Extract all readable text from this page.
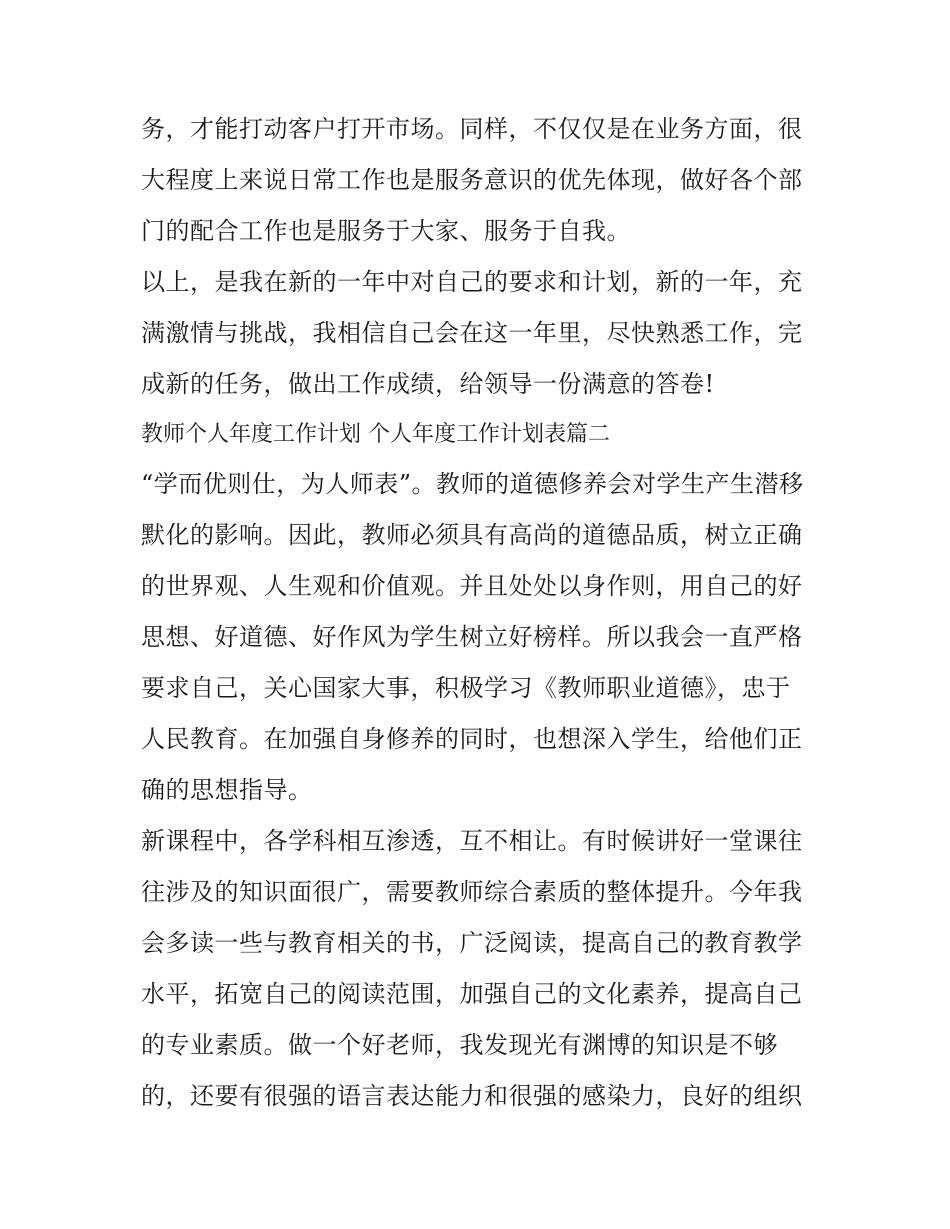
务，才能打动客户打开市场。同样，不仅仅是在业务方面，很

大程度上来说日常工作也是服务意识的优先体现，做好各个部

门的配合工作也是服务于大家、服务于自我。

以上，是我在新的一年中对自己的要求和计划，新的一年，充

满激情与挑战，我相信自己会在这一年里，尽快熟悉工作，完

成新的任务，做出工作成绩，给领导一份满意的答卷!

教师个人年度工作计划 个人年度工作计划表篇二

“学而优则仕，为人师表”。教师的道德修养会对学生产生潜移

默化的影响。因此，教师必须具有高尚的道德品质，树立正确

的世界观、人生观和价值观。并且处处以身作则，用自己的好

思想、好道德、好作风为学生树立好榜样。所以我会一直严格

要求自己，关心国家大事，积极学习《教师职业道德》，忠于

人民教育。在加强自身修养的同时，也想深入学生，给他们正

确的思想指导。

新课程中，各学科相互渗透，互不相让。有时候讲好一堂课往

往涉及的知识面很广，需要教师综合素质的整体提升。今年我

会多读一些与教育相关的书，广泛阅读，提高自己的教育教学

水平，拓宽自己的阅读范围，加强自己的文化素养，提高自己

的专业素质。做一个好老师，我发现光有渊博的知识是不够

的，还要有很强的语言表达能力和很强的感染力，良好的组织
